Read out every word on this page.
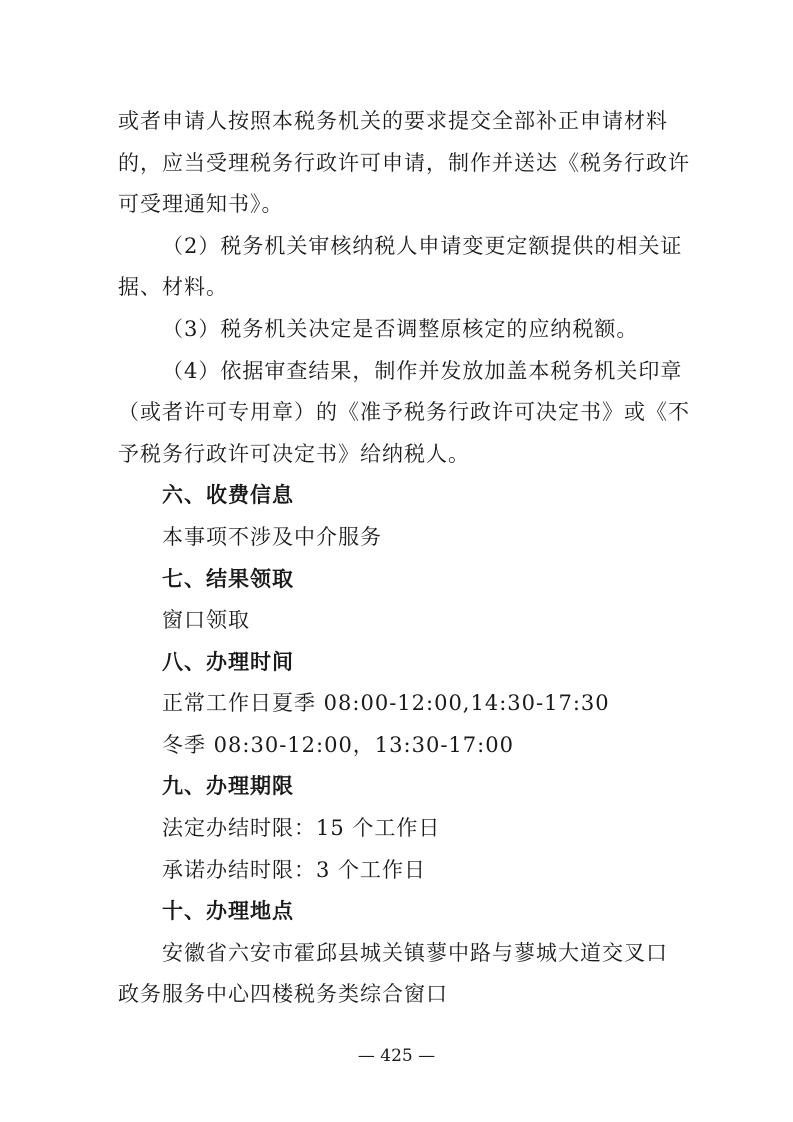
或者申请人按照本税务机关的要求提交全部补正申请材料
的，应当受理税务行政许可申请，制作并送达《税务行政许
可受理通知书》。
（2）税务机关审核纳税人申请变更定额提供的相关证
据、材料。
（3）税务机关决定是否调整原核定的应纳税额。
（4）依据审查结果，制作并发放加盖本税务机关印章
（或者许可专用章）的《准予税务行政许可决定书》或《不
予税务行政许可决定书》给纳税人。
六、收费信息
本事项不涉及中介服务
七、结果领取
窗口领取
八、办理时间
正常工作日夏季 08:00-12:00,14:30-17:30
冬季 08:30-12:00，13:30-17:00
九、办理期限
法定办结时限：15 个工作日
承诺办结时限：3 个工作日
十、办理地点
安徽省六安市霍邱县城关镇蓼中路与蓼城大道交叉口
政务服务中心四楼税务类综合窗口
— 425 —
